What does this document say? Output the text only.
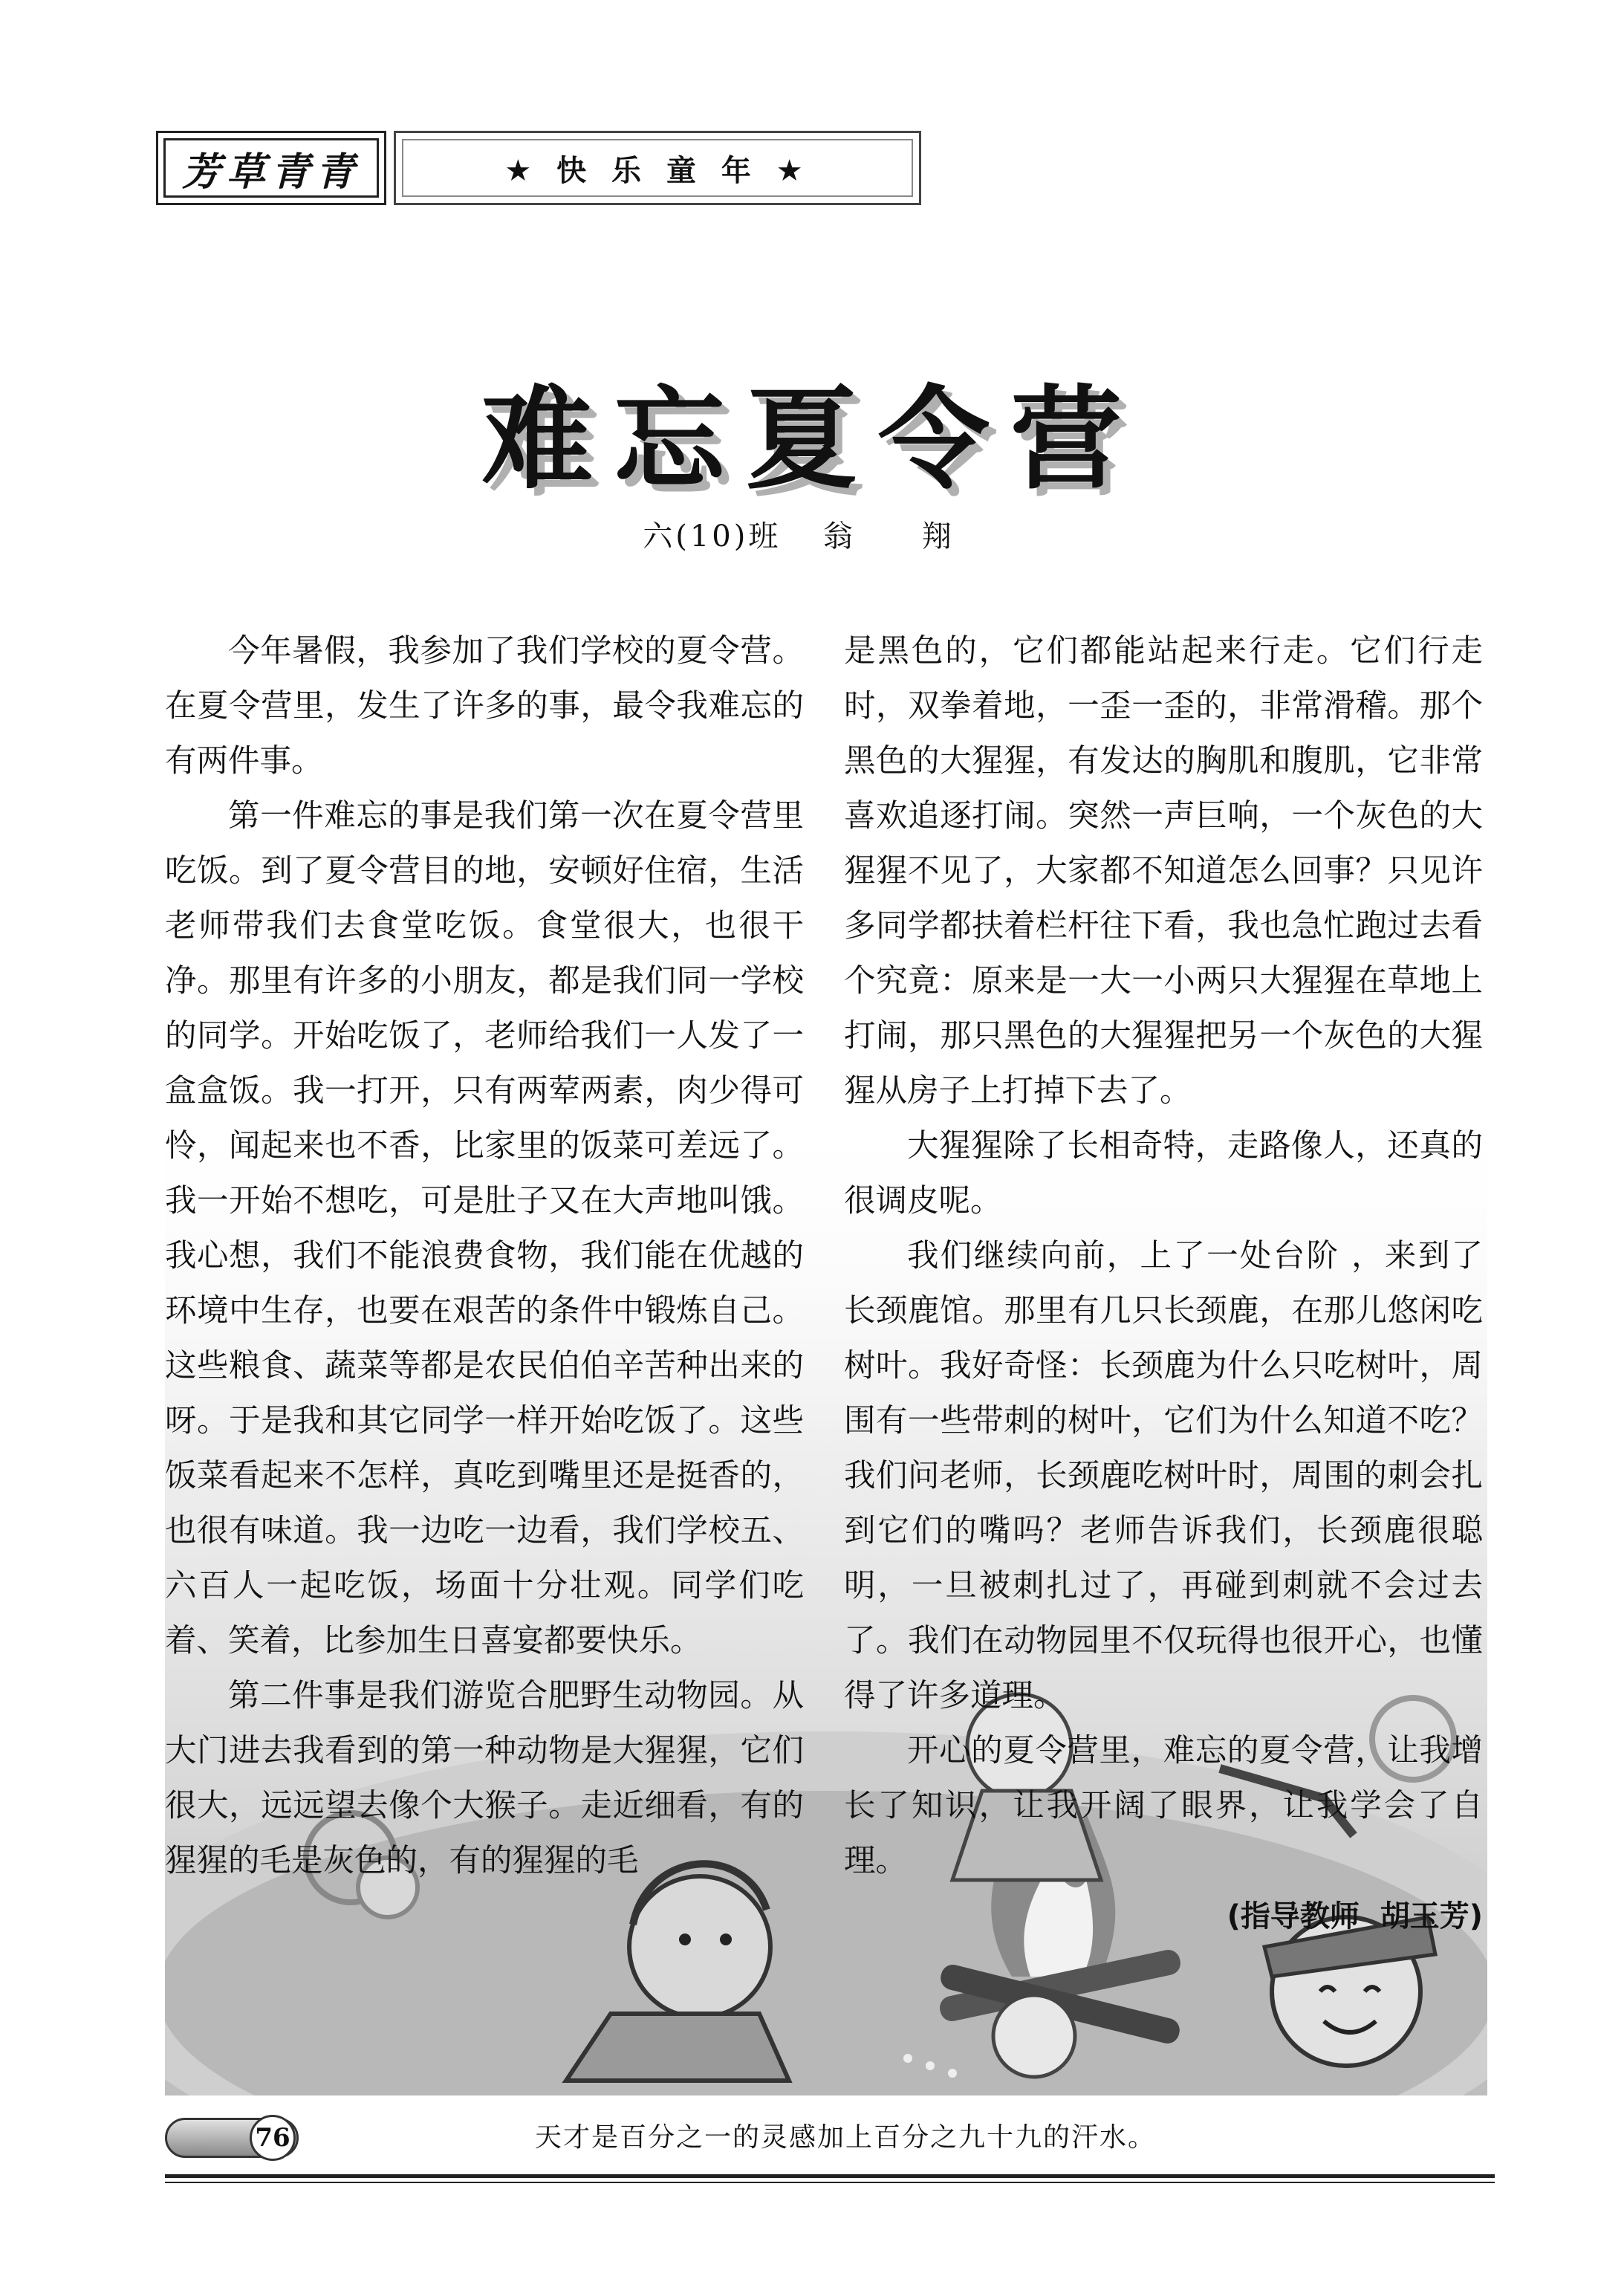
芳草青青	★ 快 乐 童 年 ★
难忘夏令营
六(10)班 翁 翔

今年暑假，我参加了我们学校的夏令营。在夏令营里，发生了许多的事，最令我难忘的有两件事。

第一件难忘的事是我们第一次在夏令营里吃饭。到了夏令营目的地，安顿好住宿，生活老师带我们去食堂吃饭。食堂很大，也很干净。那里有许多的小朋友，都是我们同一学校的同学。开始吃饭了，老师给我们一人发了一盒盒饭。我一打开，只有两荤两素，肉少得可怜，闻起来也不香，比家里的饭菜可差远了。我一开始不想吃，可是肚子又在大声地叫饿。我心想，我们不能浪费食物，我们能在优越的环境中生存，也要在艰苦的条件中锻炼自己。这些粮食、蔬菜等都是农民伯伯辛苦种出来的呀。于是我和其它同学一样开始吃饭了。这些饭菜看起来不怎样，真吃到嘴里还是挺香的，也很有味道。我一边吃一边看，我们学校五、六百人一起吃饭，场面十分壮观。同学们吃着、笑着，比参加生日喜宴都要快乐。

第二件事是我们游览合肥野生动物园。从大门进去我看到的第一种动物是大猩猩，它们很大，远远望去像个大猴子。走近细看，有的猩猩的毛是灰色的，有的猩猩的毛

是黑色的，它们都能站起来行走。它们行走时，双拳着地，一歪一歪的，非常滑稽。那个黑色的大猩猩，有发达的胸肌和腹肌，它非常喜欢追逐打闹。突然一声巨响，一个灰色的大猩猩不见了，大家都不知道怎么回事？只见许多同学都扶着栏杆往下看，我也急忙跑过去看个究竟：原来是一大一小两只大猩猩在草地上打闹，那只黑色的大猩猩把另一个灰色的大猩猩从房子上打掉下去了。

大猩猩除了长相奇特，走路像人，还真的很调皮呢。

我们继续向前，上了一处台阶 ，来到了长颈鹿馆。那里有几只长颈鹿，在那儿悠闲吃树叶。我好奇怪：长颈鹿为什么只吃树叶，周围有一些带刺的树叶，它们为什么知道不吃？我们问老师，长颈鹿吃树叶时，周围的刺会扎到它们的嘴吗？老师告诉我们，长颈鹿很聪明，一旦被刺扎过了，再碰到刺就不会过去了。我们在动物园里不仅玩得也很开心，也懂得了许多道理。

开心的夏令营里，难忘的夏令营，让我增长了知识，让我开阔了眼界，让我学会了自理。

(指导教师  胡玉芳)
76	天才是百分之一的灵感加上百分之九十九的汗水。
